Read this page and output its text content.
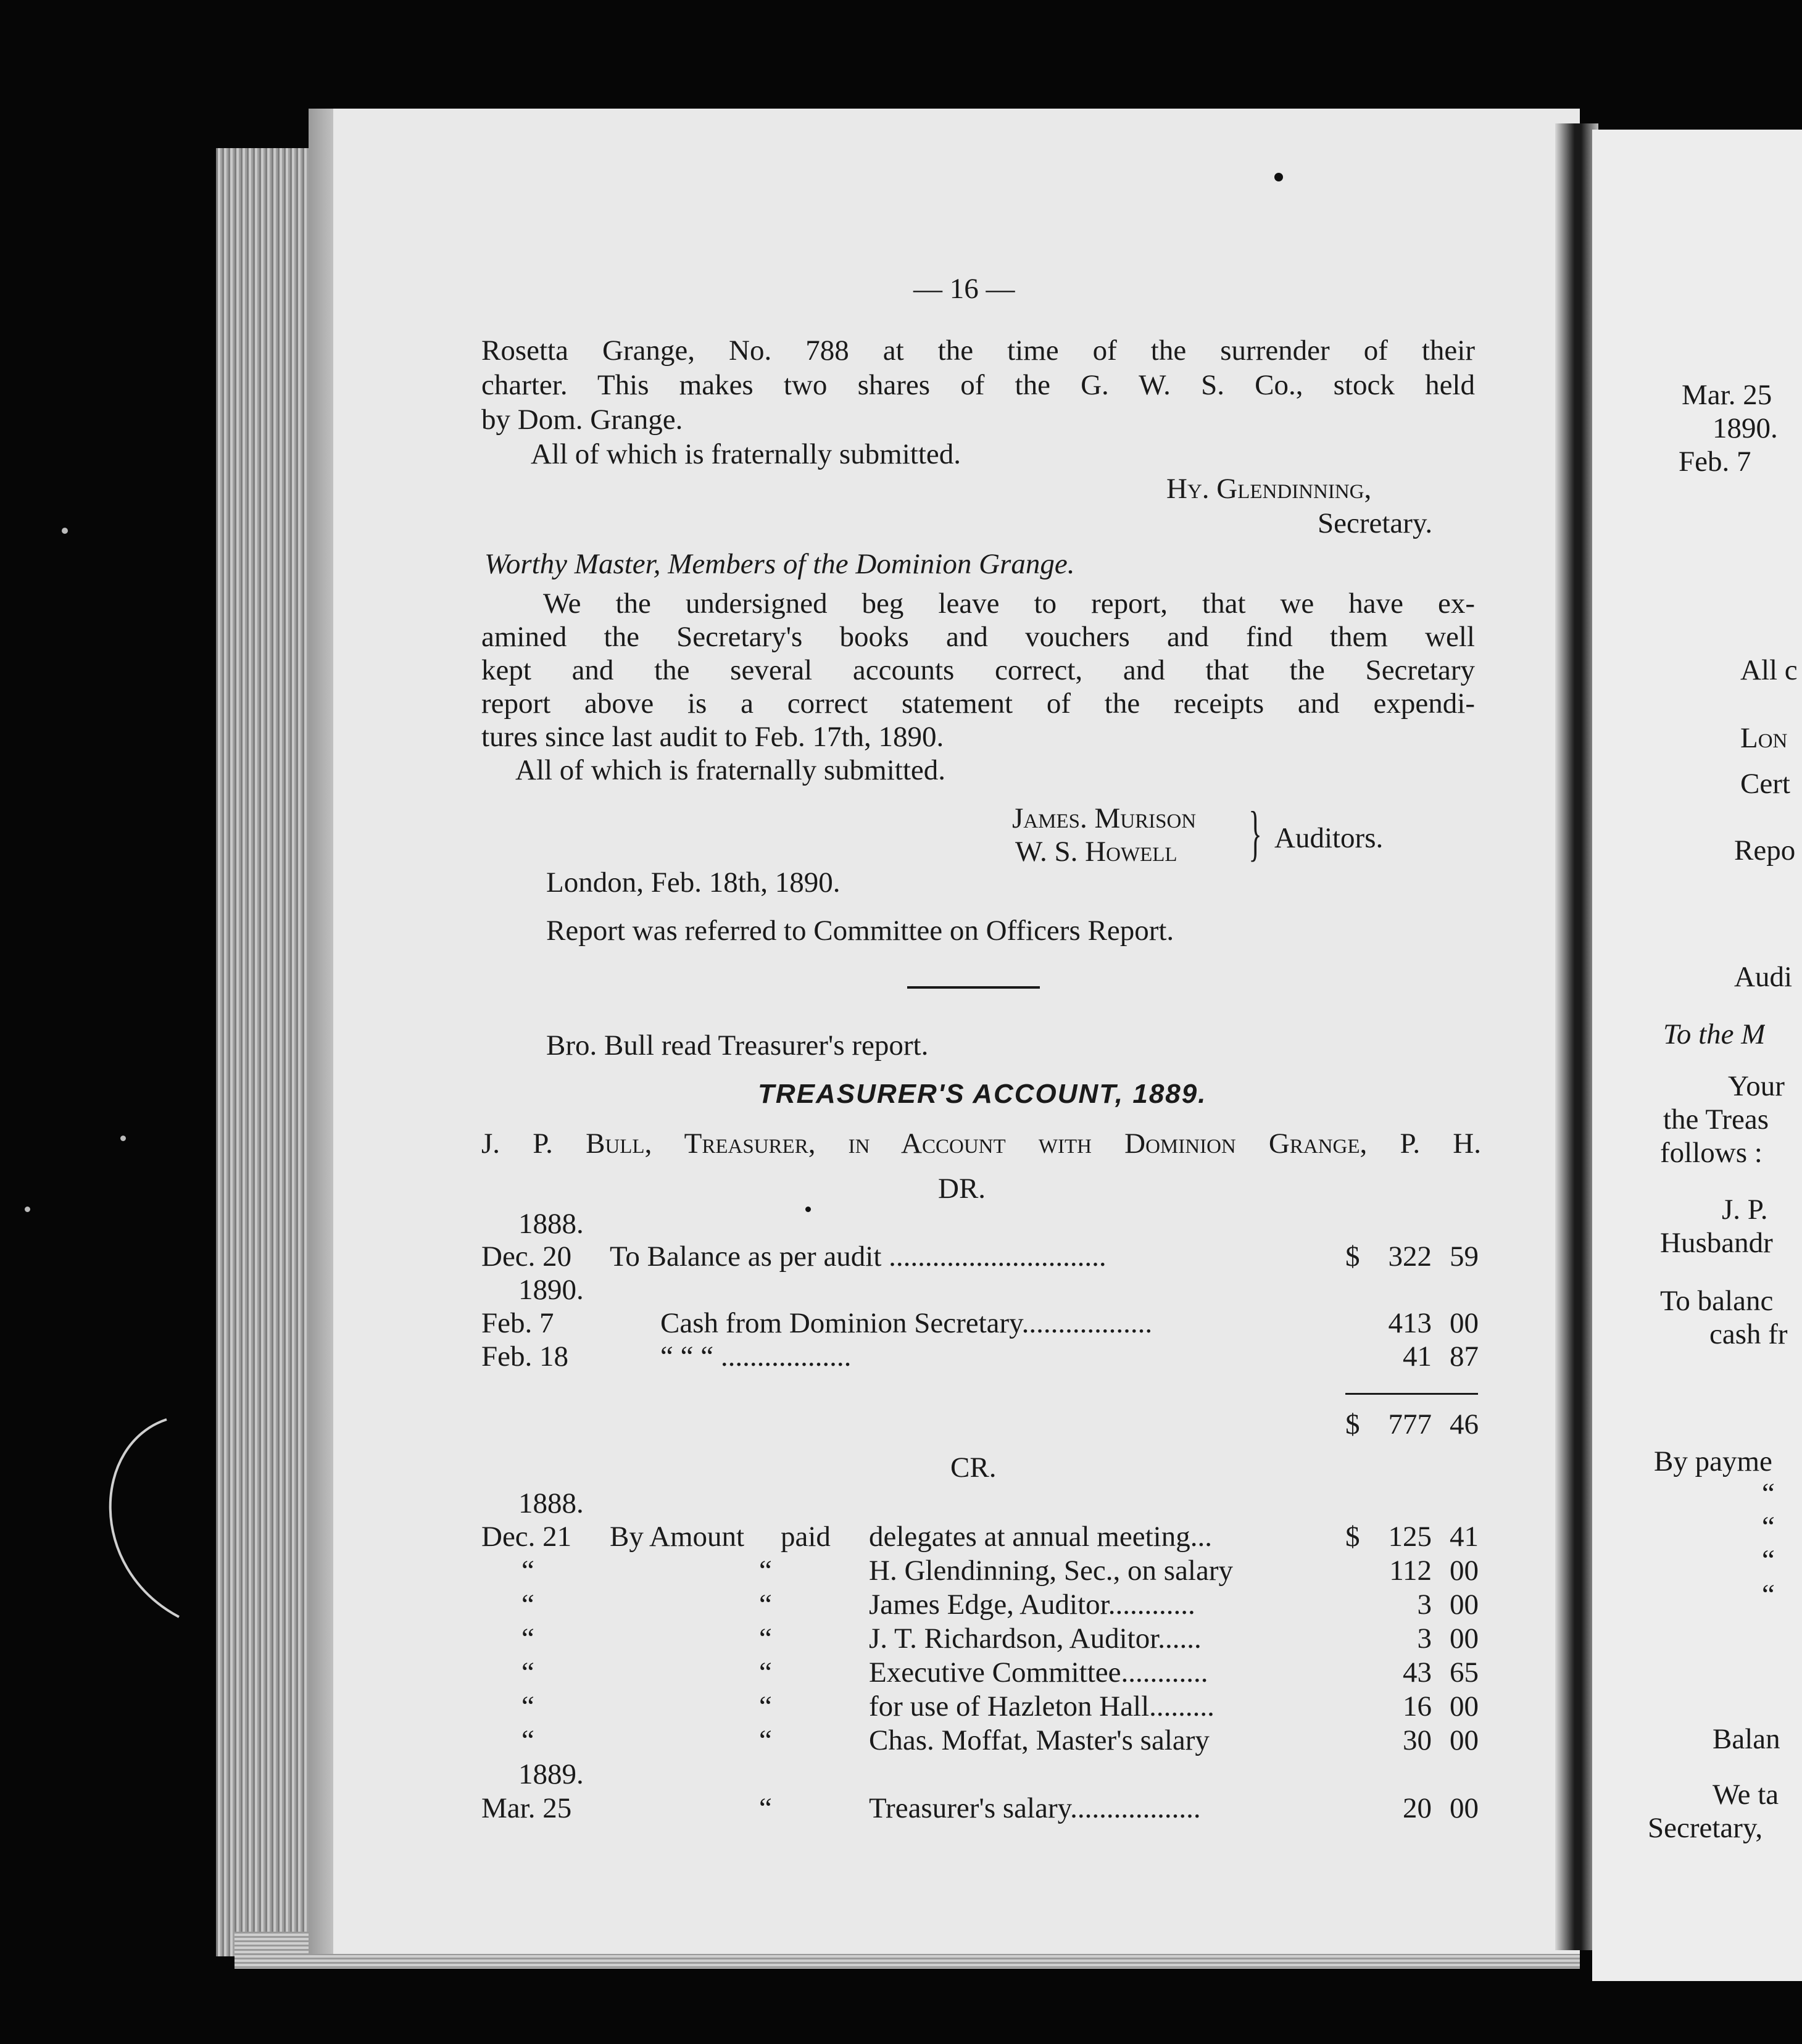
— 16 —
Rosetta Grange, No. 788 at the time of the surrender of their
charter. This makes two shares of the G. W. S. Co., stock held
by Dom. Grange.
All of which is fraternally submitted.
Hy. Glendinning,
Secretary.
Worthy Master, Members of the Dominion Grange.
We the undersigned beg leave to report, that we have ex-
amined the Secretary's books and vouchers and find them well
kept and the several accounts correct, and that the Secretary
report above is a correct statement of the receipts and expendi-
tures since last audit to Feb. 17th, 1890.
All of which is fraternally submitted.
James. Murison
W. S. Howell } Auditors.
London, Feb. 18th, 1890.
Report was referred to Committee on Officers Report.
Bro. Bull read Treasurer's report.
TREASURER'S ACCOUNT, 1889.
J. P. Bull, Treasurer, in Account with Dominion Grange, P. H.
DR.
1888.
Dec. 20 To Balance as per audit ..............................	$ 322 59
1890.
Feb. 7	Cash from Dominion Secretary..................	413 00
Feb. 18	“ “ “ ..................	41 87
$ 777 46
CR.
1888.
Dec. 21 By Amount paid delegates at annual meeting...	$ 125 41
“	“	H. Glendinning, Sec., on salary	112 00
“	“	James Edge, Auditor............	3 00
“	“	J. T. Richardson, Auditor......	3 00
“	“	Executive Committee............	43 65
“	“	for use of Hazleton Hall.........	16 00
“	“	Chas. Moffat, Master's salary	30 00
1889.
Mar. 25	“	Treasurer's salary..................	20 00
Mar. 25
1890.
Feb. 7
All c
Lon
Cert
Repo
Audi
To the M
Your
the Treas
follows :
J. P.
Husbandr
To balanc
cash fr
By payme
“
“
“
“
Balan
We ta
Secretary,
